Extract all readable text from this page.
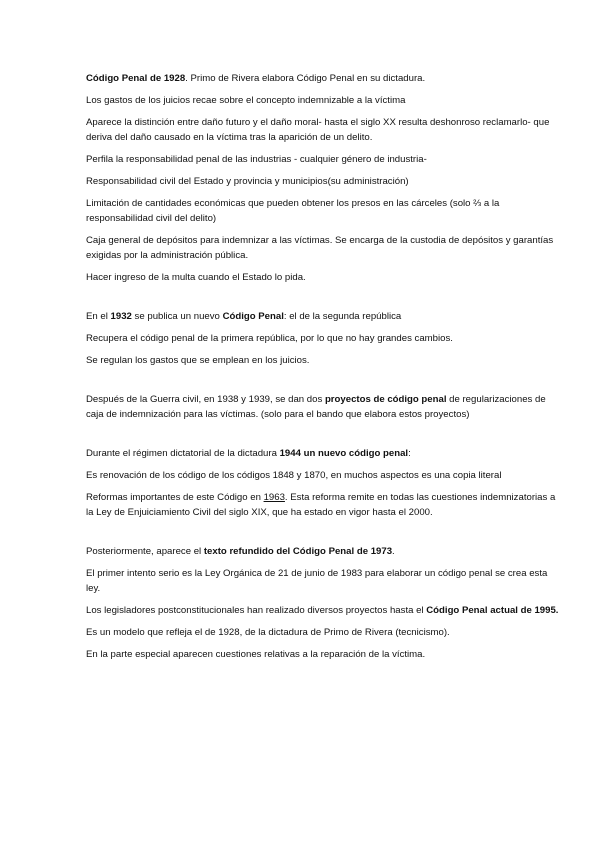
Código Penal de 1928. Primo de Rivera elabora Código Penal en su dictadura.

Los gastos de los juicios recae sobre el concepto indemnizable a la víctima

Aparece la distinción entre daño futuro y el daño moral- hasta el siglo XX resulta deshonroso reclamarlo- que deriva del daño causado en la víctima tras la aparición de un delito.

Perfila la responsabilidad penal de las industrias - cualquier género de industria-

Responsabilidad civil del Estado y provincia y municipios(su administración)

Limitación de cantidades económicas que pueden obtener los presos en las cárceles (solo ⅔ a la responsabilidad civil del delito)

Caja general de depósitos para indemnizar a las víctimas. Se encarga de la custodia de depósitos y garantías exigidas por la administración pública.

Hacer ingreso de la multa cuando el Estado lo pida.

En el 1932 se publica un nuevo Código Penal: el de la segunda república

Recupera el código penal de la primera república, por lo que no hay grandes cambios.

Se regulan los gastos que se emplean en los juicios.

Después de la Guerra civil, en 1938 y 1939, se dan dos proyectos de código penal de regularizaciones de caja de indemnización para las víctimas. (solo para el bando que elabora estos proyectos)

Durante el régimen dictatorial de la dictadura 1944 un nuevo código penal:

Es renovación de los código de los códigos 1848 y 1870, en muchos aspectos es una copia literal

Reformas importantes de este Código en 1963. Esta reforma remite en todas las cuestiones indemnizatorias a la Ley de Enjuiciamiento Civil del siglo XIX, que ha estado en vigor hasta el 2000.

Posteriormente, aparece el texto refundido del Código Penal de 1973.

El primer intento serio es la Ley Orgánica de 21 de junio de 1983 para elaborar un código penal se crea esta ley.

Los legisladores postconstitucionales han realizado diversos proyectos hasta el Código Penal actual de 1995.

Es un modelo que refleja el de 1928, de la dictadura de Primo de Rivera (tecnicismo).

En la parte especial aparecen cuestiones relativas a la reparación de la víctima.
